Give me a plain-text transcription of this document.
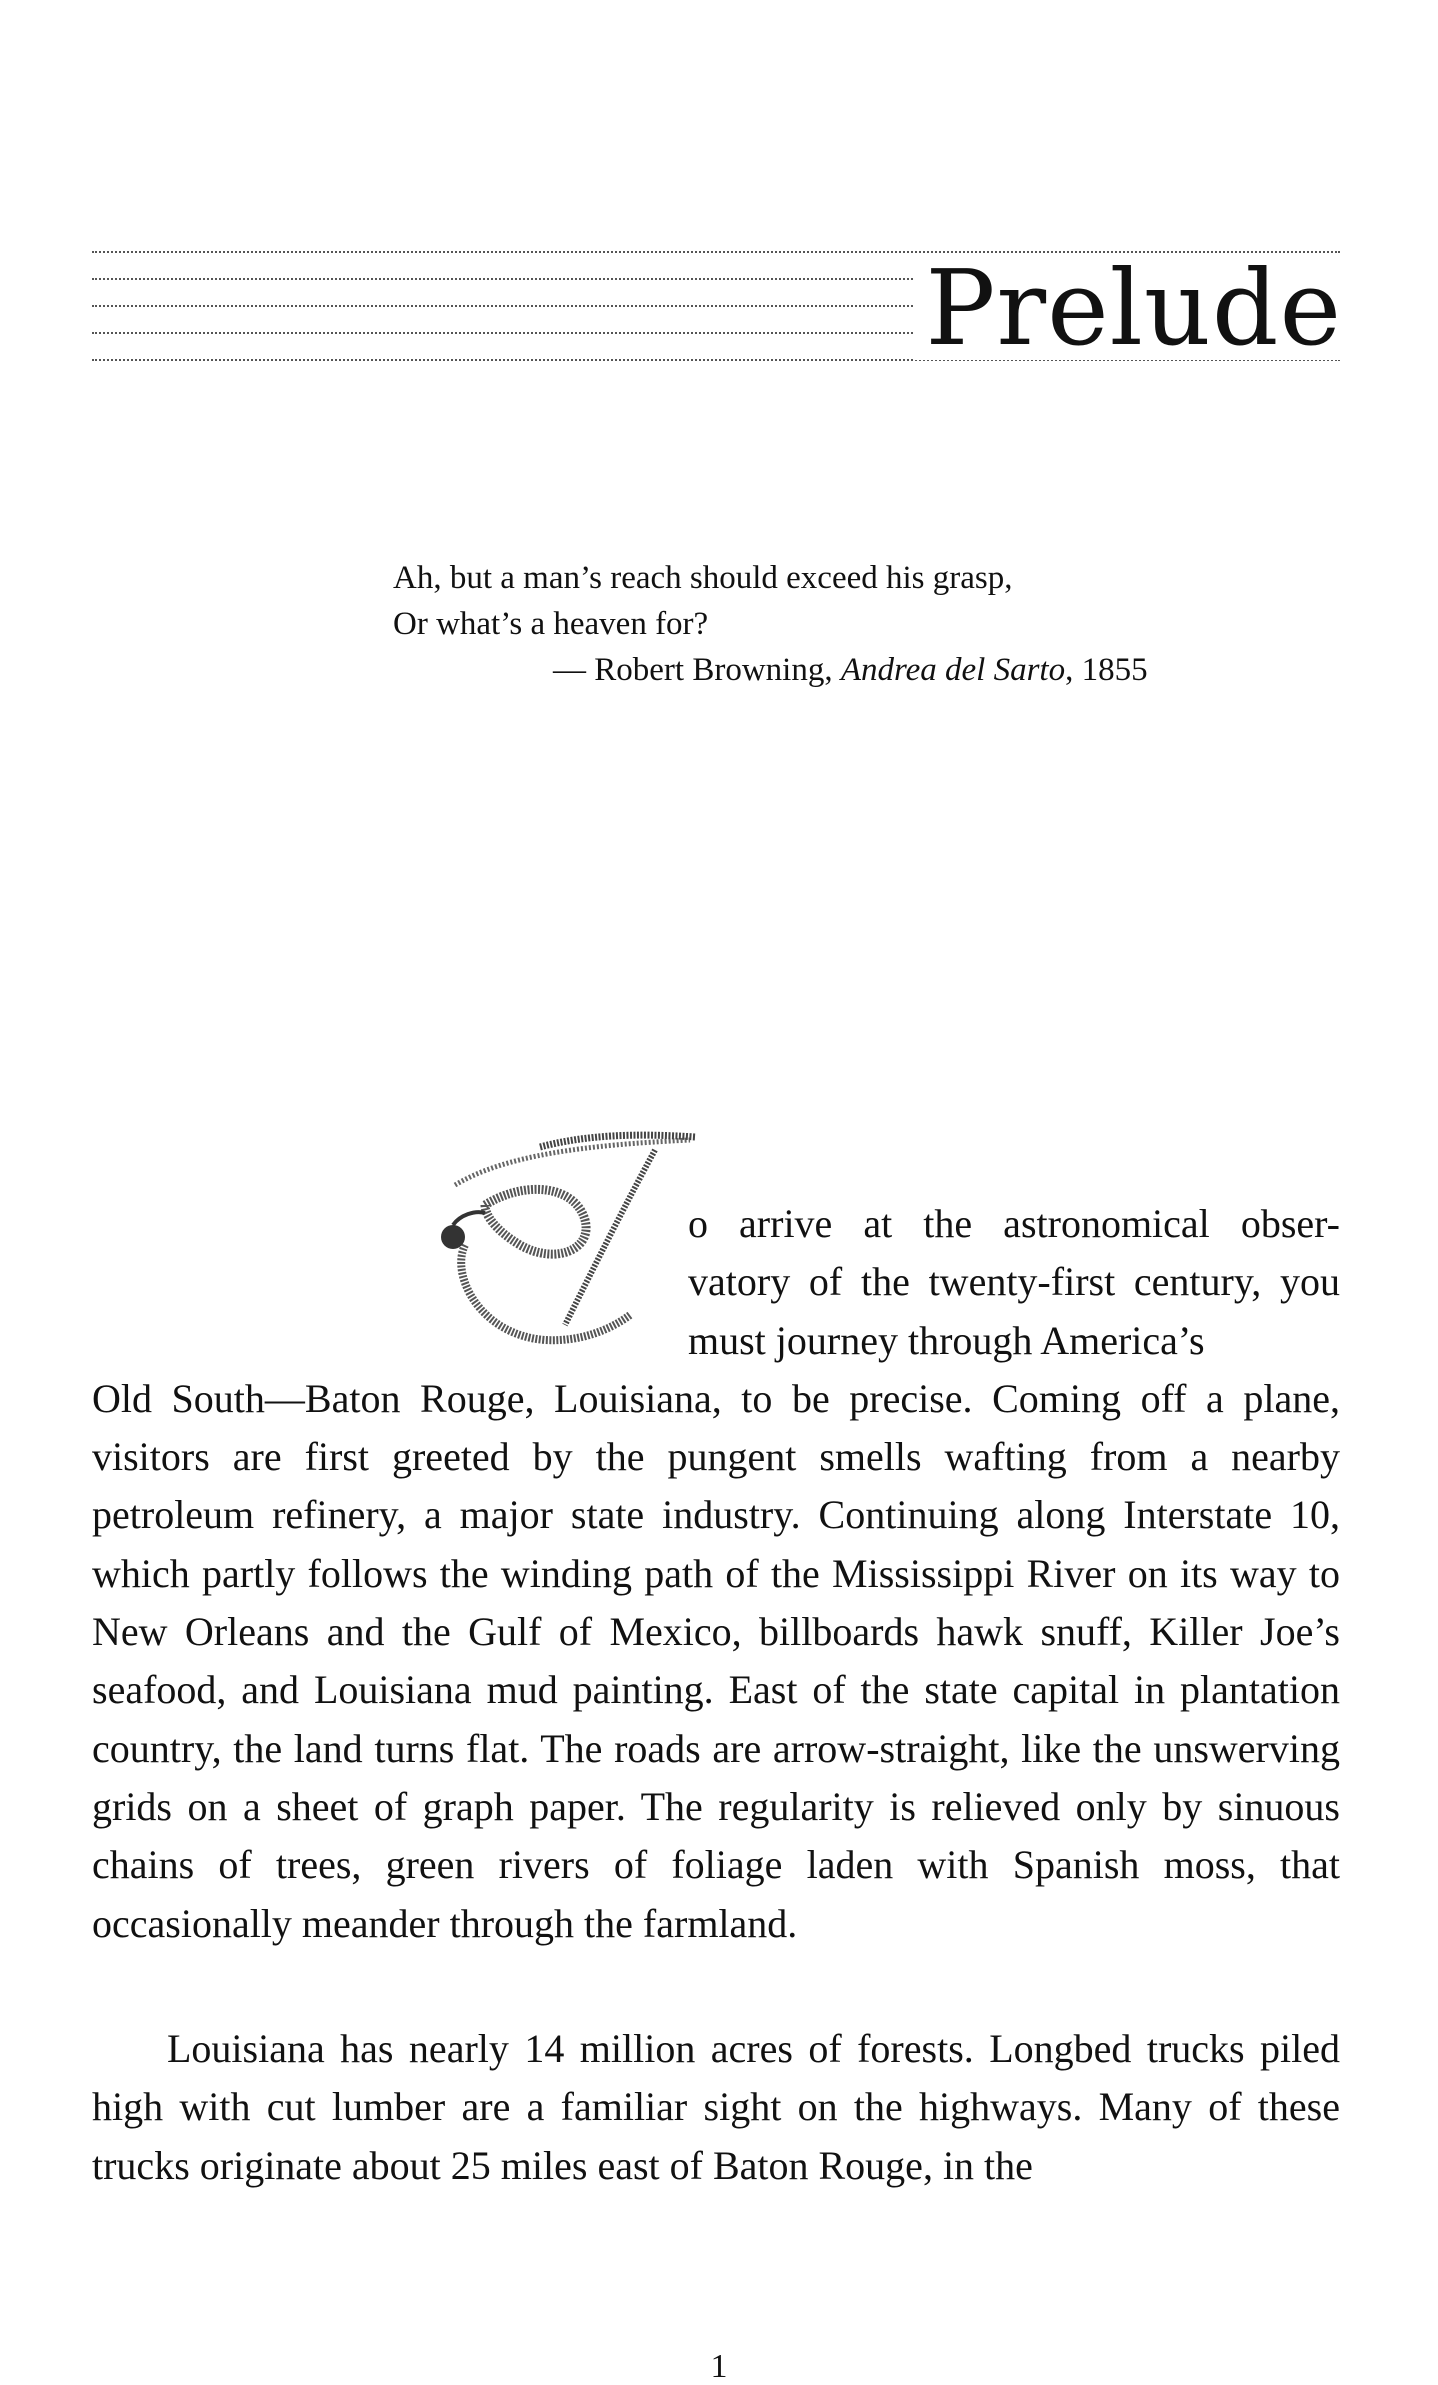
Prelude
Ah, but a man’s reach should exceed his grasp,
Or what’s a heaven for?
— Robert Browning, Andrea del Sarto, 1855

o arrive at the astronomical obser- vatory of the twenty-first century, you must journey through America’s
Old South—Baton Rouge, Louisiana, to be precise. Coming off a plane, visitors are first greeted by the pungent smells wafting from a nearby petroleum refinery, a major state industry. Continuing along Interstate 10, which partly follows the winding path of the Mississippi River on its way to New Orleans and the Gulf of Mexico, billboards hawk snuff, Killer Joe’s seafood, and Louisiana mud painting. East of the state capital in plantation country, the land turns flat. The roads are arrow-straight, like the unswerving grids on a sheet of graph paper. The regularity is relieved only by sinuous chains of trees, green rivers of foliage laden with Spanish moss, that occasionally meander through the farmland.

Louisiana has nearly 14 million acres of forests. Longbed trucks piled high with cut lumber are a familiar sight on the highways. Many of these trucks originate about 25 miles east of Baton Rouge, in the

1
